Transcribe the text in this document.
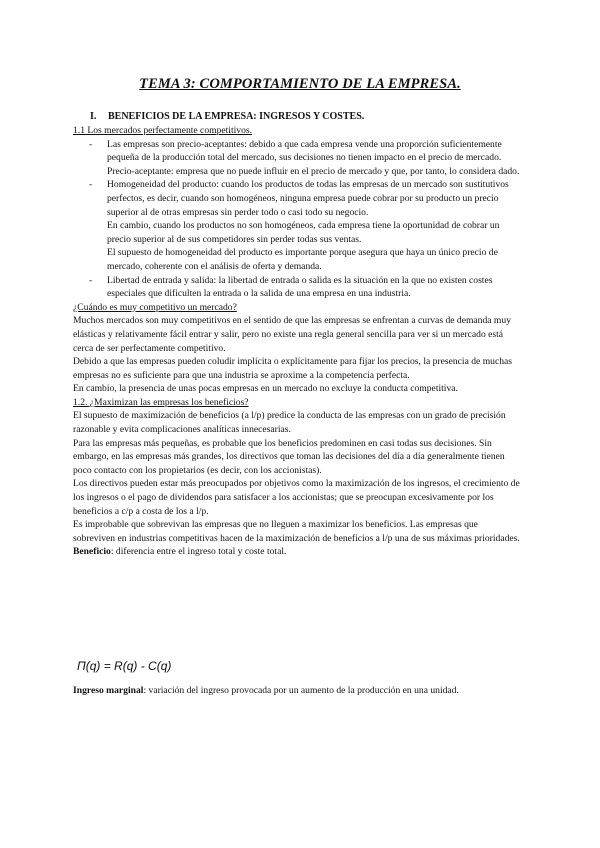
TEMA 3: COMPORTAMIENTO DE LA EMPRESA.
I. BENEFICIOS DE LA EMPRESA: INGRESOS Y COSTES.

1.1 Los mercados perfectamente competitivos.

- Las empresas son precio-aceptantes: debido a que cada empresa vende una proporción suficientemente pequeña de la producción total del mercado, sus decisiones no tienen impacto en el precio de mercado.

Precio-aceptante: empresa que no puede influir en el precio de mercado y que, por tanto, lo considera dado.

- Homogeneidad del producto: cuando los productos de todas las empresas de un mercado son sustitutivos perfectos, es decir, cuando son homogéneos, ninguna empresa puede cobrar por su producto un precio superior al de otras empresas sin perder todo o casi todo su negocio.

En cambio, cuando los productos no son homogéneos, cada empresa tiene la oportunidad de cobrar un precio superior al de sus competidores sin perder todas sus ventas.

El supuesto de homogeneidad del producto es importante porque asegura que haya un único precio de mercado, coherente con el análisis de oferta y demanda.

- Libertad de entrada y salida: la libertad de entrada o salida es la situación en la que no existen costes especiales que dificulten la entrada o la salida de una empresa en una industria.

¿Cuándo es muy competitivo un mercado?

Muchos mercados son muy competitivos en el sentido de que las empresas se enfrentan a curvas de demanda muy elásticas y relativamente fácil entrar y salir, pero no existe una regla general sencilla para ver si un mercado está cerca de ser perfectamente competitivo.

Debido a que las empresas pueden coludir implícita o explícitamente para fijar los precios, la presencia de muchas empresas no es suficiente para que una industria se aproxime a la competencia perfecta.

En cambio, la presencia de unas pocas empresas en un mercado no excluye la conducta competitiva.

1.2. ¿Maximizan las empresas los beneficios?

El supuesto de maximización de beneficios (a l/p) predice la conducta de las empresas con un grado de precisión razonable y evita complicaciones analíticas innecesarias.

Para las empresas más pequeñas, es probable que los beneficios predominen en casi todas sus decisiones. Sin embargo, en las empresas más grandes, los directivos que toman las decisiones del día a día generalmente tienen poco contacto con los propietarios (es decir, con los accionistas).

Los directivos pueden estar más preocupados por objetivos como la maximización de los ingresos, el crecimiento de los ingresos o el pago de dividendos para satisfacer a los accionistas; que se preocupan excesivamente por los beneficios a c/p a costa de los a l/p.

Es improbable que sobrevivan las empresas que no lleguen a maximizar los beneficios. Las empresas que sobreviven en industrias competitivas hacen de la maximización de beneficios a l/p una de sus máximas prioridades.

Beneficio: diferencia entre el ingreso total y coste total.

Π(q) = R(q) - C(q)

Ingreso marginal: variación del ingreso provocada por un aumento de la producción en una unidad.
